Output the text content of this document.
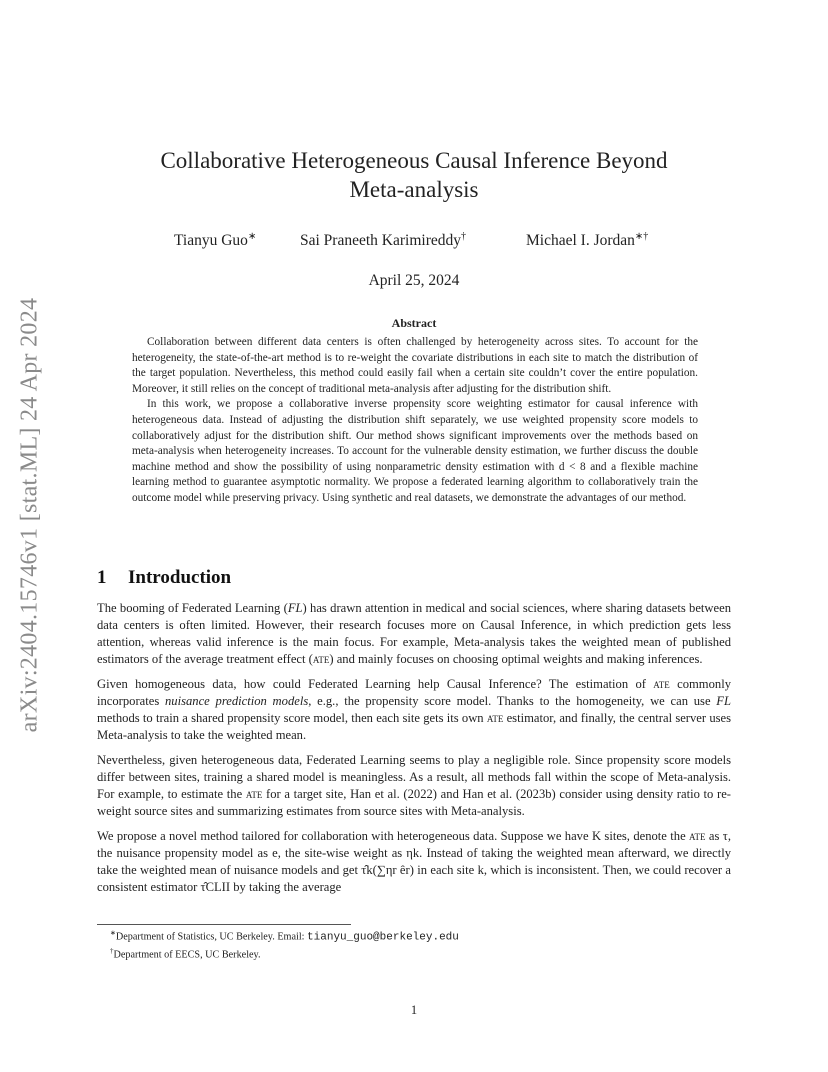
arXiv:2404.15746v1 [stat.ML] 24 Apr 2024
Collaborative Heterogeneous Causal Inference Beyond
Meta-analysis
Tianyu Guo∗	Sai Praneeth Karimireddy†	Michael I. Jordan∗†
April 25, 2024
Abstract

Collaboration between different data centers is often challenged by heterogeneity across sites. To account for the heterogeneity, the state-of-the-art method is to re-weight the covariate distributions in each site to match the distribution of the target population. Nevertheless, this method could easily fail when a certain site couldn’t cover the entire population. Moreover, it still relies on the concept of traditional meta-analysis after adjusting for the distribution shift.

In this work, we propose a collaborative inverse propensity score weighting estimator for causal inference with heterogeneous data. Instead of adjusting the distribution shift separately, we use weighted propensity score models to collaboratively adjust for the distribution shift. Our method shows significant improvements over the methods based on meta-analysis when heterogeneity increases. To account for the vulnerable density estimation, we further discuss the double machine method and show the possibility of using nonparametric density estimation with d < 8 and a flexible machine learning method to guarantee asymptotic normality. We propose a federated learning algorithm to collaboratively train the outcome model while preserving privacy. Using synthetic and real datasets, we demonstrate the advantages of our method.

1 Introduction

The booming of Federated Learning (FL) has drawn attention in medical and social sciences, where sharing datasets between data centers is often limited. However, their research focuses more on Causal Inference, in which prediction gets less attention, whereas valid inference is the main focus. For example, Meta-analysis takes the weighted mean of published estimators of the average treatment effect (ate) and mainly focuses on choosing optimal weights and making inferences.

Given homogeneous data, how could Federated Learning help Causal Inference? The estimation of ate commonly incorporates nuisance prediction models, e.g., the propensity score model. Thanks to the homogeneity, we can use FL methods to train a shared propensity score model, then each site gets its own ate estimator, and finally, the central server uses Meta-analysis to take the weighted mean.

Nevertheless, given heterogeneous data, Federated Learning seems to play a negligible role. Since propensity score models differ between sites, training a shared model is meaningless. As a result, all methods fall within the scope of Meta-analysis. For example, to estimate the ate for a target site, Han et al. (2022) and Han et al. (2023b) consider using density ratio to re-weight source sites and summarizing estimates from source sites with Meta-analysis.

We propose a novel method tailored for collaboration with heterogeneous data. Suppose we have K sites, denote the ate as τ, the nuisance propensity model as e, the site-wise weight as ηk. Instead of taking the weighted mean afterward, we directly take the weighted mean of nuisance models and get τ̂k(∑ηr êr) in each site k, which is inconsistent. Then, we could recover a consistent estimator τ̂CLII by taking the average

∗Department of Statistics, UC Berkeley. Email: tianyu_guo@berkeley.edu
†Department of EECS, UC Berkeley.
1
